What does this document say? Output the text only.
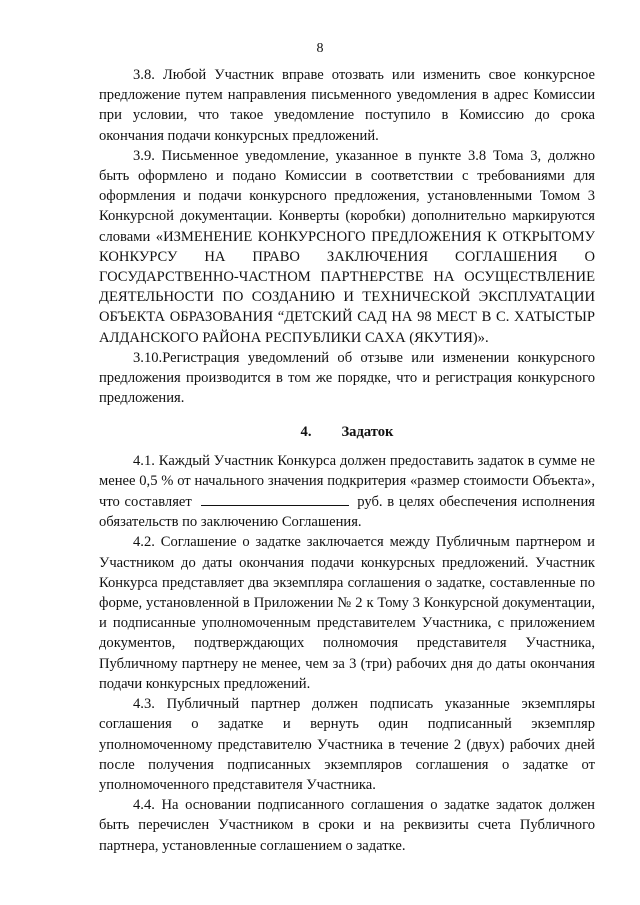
8

3.8. Любой Участник вправе отозвать или изменить свое конкурсное предложение путем направления письменного уведомления в адрес Комиссии при условии, что такое уведомление поступило в Комиссию до срока окончания подачи конкурсных предложений.

3.9. Письменное уведомление, указанное в пункте 3.8 Тома 3, должно быть оформлено и подано Комиссии в соответствии с требованиями для оформления и подачи конкурсного предложения, установленными Томом 3 Конкурсной документации. Конверты (коробки) дополнительно маркируются словами «ИЗМЕНЕНИЕ КОНКУРСНОГО ПРЕДЛОЖЕНИЯ К ОТКРЫТОМУ КОНКУРСУ НА ПРАВО ЗАКЛЮЧЕНИЯ СОГЛАШЕНИЯ О ГОСУДАРСТВЕННО-ЧАСТНОМ ПАРТНЕРСТВЕ НА ОСУЩЕСТВЛЕНИЕ ДЕЯТЕЛЬНОСТИ ПО СОЗДАНИЮ И ТЕХНИЧЕСКОЙ ЭКСПЛУАТАЦИИ ОБЪЕКТА ОБРАЗОВАНИЯ “ДЕТСКИЙ САД НА 98 МЕСТ В С. ХАТЫСТЫР АЛДАНСКОГО РАЙОНА РЕСПУБЛИКИ САХА (ЯКУТИЯ)».

3.10.Регистрация уведомлений об отзыве или изменении конкурсного предложения производится в том же порядке, что и регистрация конкурсного предложения.

4. Задаток

4.1. Каждый Участник Конкурса должен предоставить задаток в сумме не менее 0,5 % от начального значения подкритерия «размер стоимости Объекта», что составляет	руб. в целях обеспечения исполнения обязательств по заключению Соглашения.

4.2. Соглашение о задатке заключается между Публичным партнером и Участником до даты окончания подачи конкурсных предложений. Участник Конкурса представляет два экземпляра соглашения о задатке, составленные по форме, установленной в Приложении № 2 к Тому 3 Конкурсной документации, и подписанные уполномоченным представителем Участника, с приложением документов, подтверждающих полномочия представителя Участника, Публичному партнеру не менее, чем за 3 (три) рабочих дня до даты окончания подачи конкурсных предложений.

4.3. Публичный партнер должен подписать указанные экземпляры соглашения о задатке и вернуть один подписанный экземпляр уполномоченному представителю Участника в течение 2 (двух) рабочих дней после получения подписанных экземпляров соглашения о задатке от уполномоченного представителя Участника.

4.4. На основании подписанного соглашения о задатке задаток должен быть перечислен Участником в сроки и на реквизиты счета Публичного партнера, установленные соглашением о задатке.
